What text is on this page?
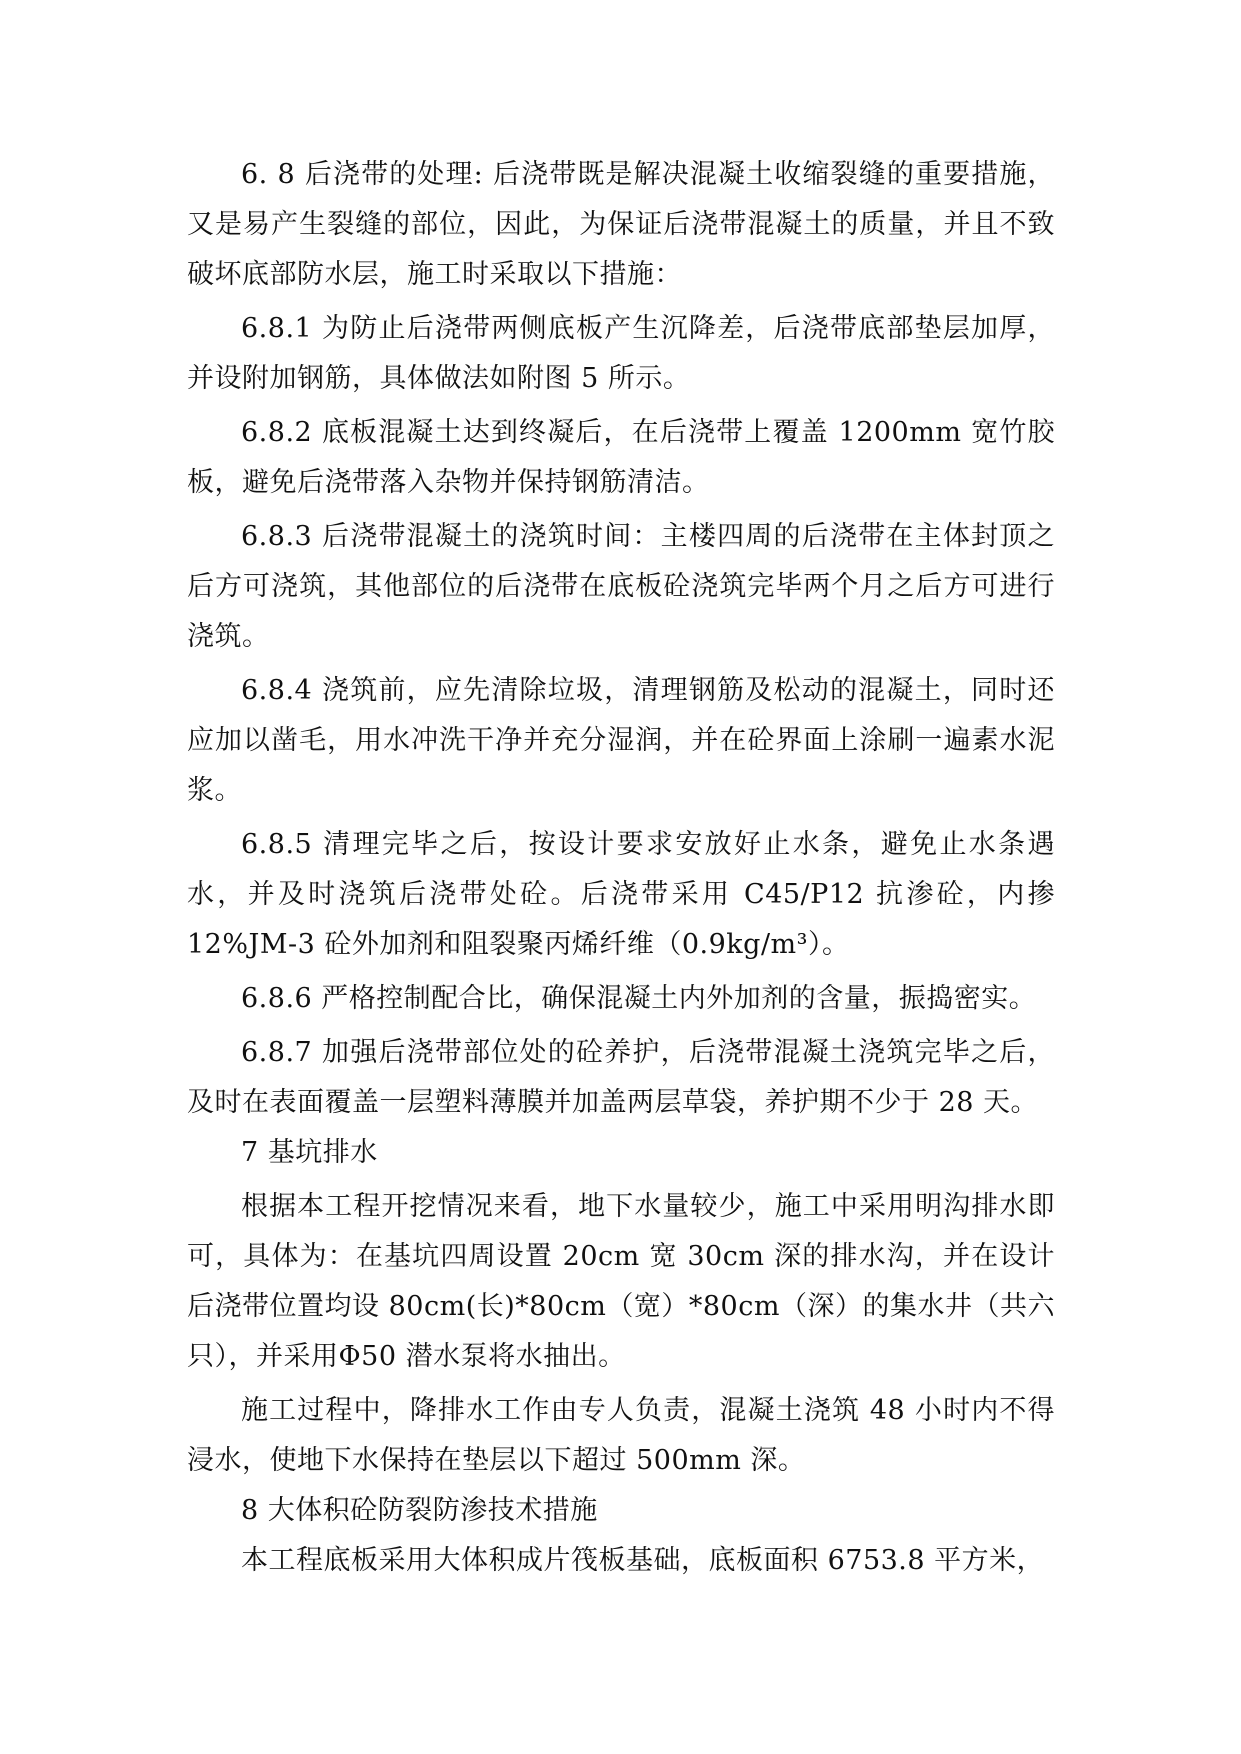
6. 8 后浇带的处理: 后浇带既是解决混凝土收缩裂缝的重要措施，又是易产生裂缝的部位，因此，为保证后浇带混凝土的质量，并且不致破坏底部防水层，施工时采取以下措施：

6.8.1 为防止后浇带两侧底板产生沉降差，后浇带底部垫层加厚，并设附加钢筋，具体做法如附图 5 所示。

6.8.2 底板混凝土达到终凝后，在后浇带上覆盖 1200mm 宽竹胶板，避免后浇带落入杂物并保持钢筋清洁。

6.8.3 后浇带混凝土的浇筑时间：主楼四周的后浇带在主体封顶之后方可浇筑，其他部位的后浇带在底板砼浇筑完毕两个月之后方可进行浇筑。

6.8.4 浇筑前，应先清除垃圾，清理钢筋及松动的混凝土，同时还应加以凿毛，用水冲洗干净并充分湿润，并在砼界面上涂刷一遍素水泥浆。

6.8.5 清理完毕之后，按设计要求安放好止水条，避免止水条遇水，并及时浇筑后浇带处砼。后浇带采用 C45/P12 抗渗砼，内掺 12%JM-3 砼外加剂和阻裂聚丙烯纤维（0.9kg/m³）。

6.8.6 严格控制配合比，确保混凝土内外加剂的含量，振捣密实。

6.8.7 加强后浇带部位处的砼养护，后浇带混凝土浇筑完毕之后，及时在表面覆盖一层塑料薄膜并加盖两层草袋，养护期不少于 28 天。

7 基坑排水

根据本工程开挖情况来看，地下水量较少，施工中采用明沟排水即可，具体为：在基坑四周设置 20cm 宽 30cm 深的排水沟，并在设计后浇带位置均设 80cm(长)*80cm（宽）*80cm（深）的集水井（共六只），并采用Φ50 潜水泵将水抽出。

施工过程中，降排水工作由专人负责，混凝土浇筑 48 小时内不得浸水，使地下水保持在垫层以下超过 500mm 深。

8 大体积砼防裂防渗技术措施

本工程底板采用大体积成片筏板基础，底板面积 6753.8 平方米，
